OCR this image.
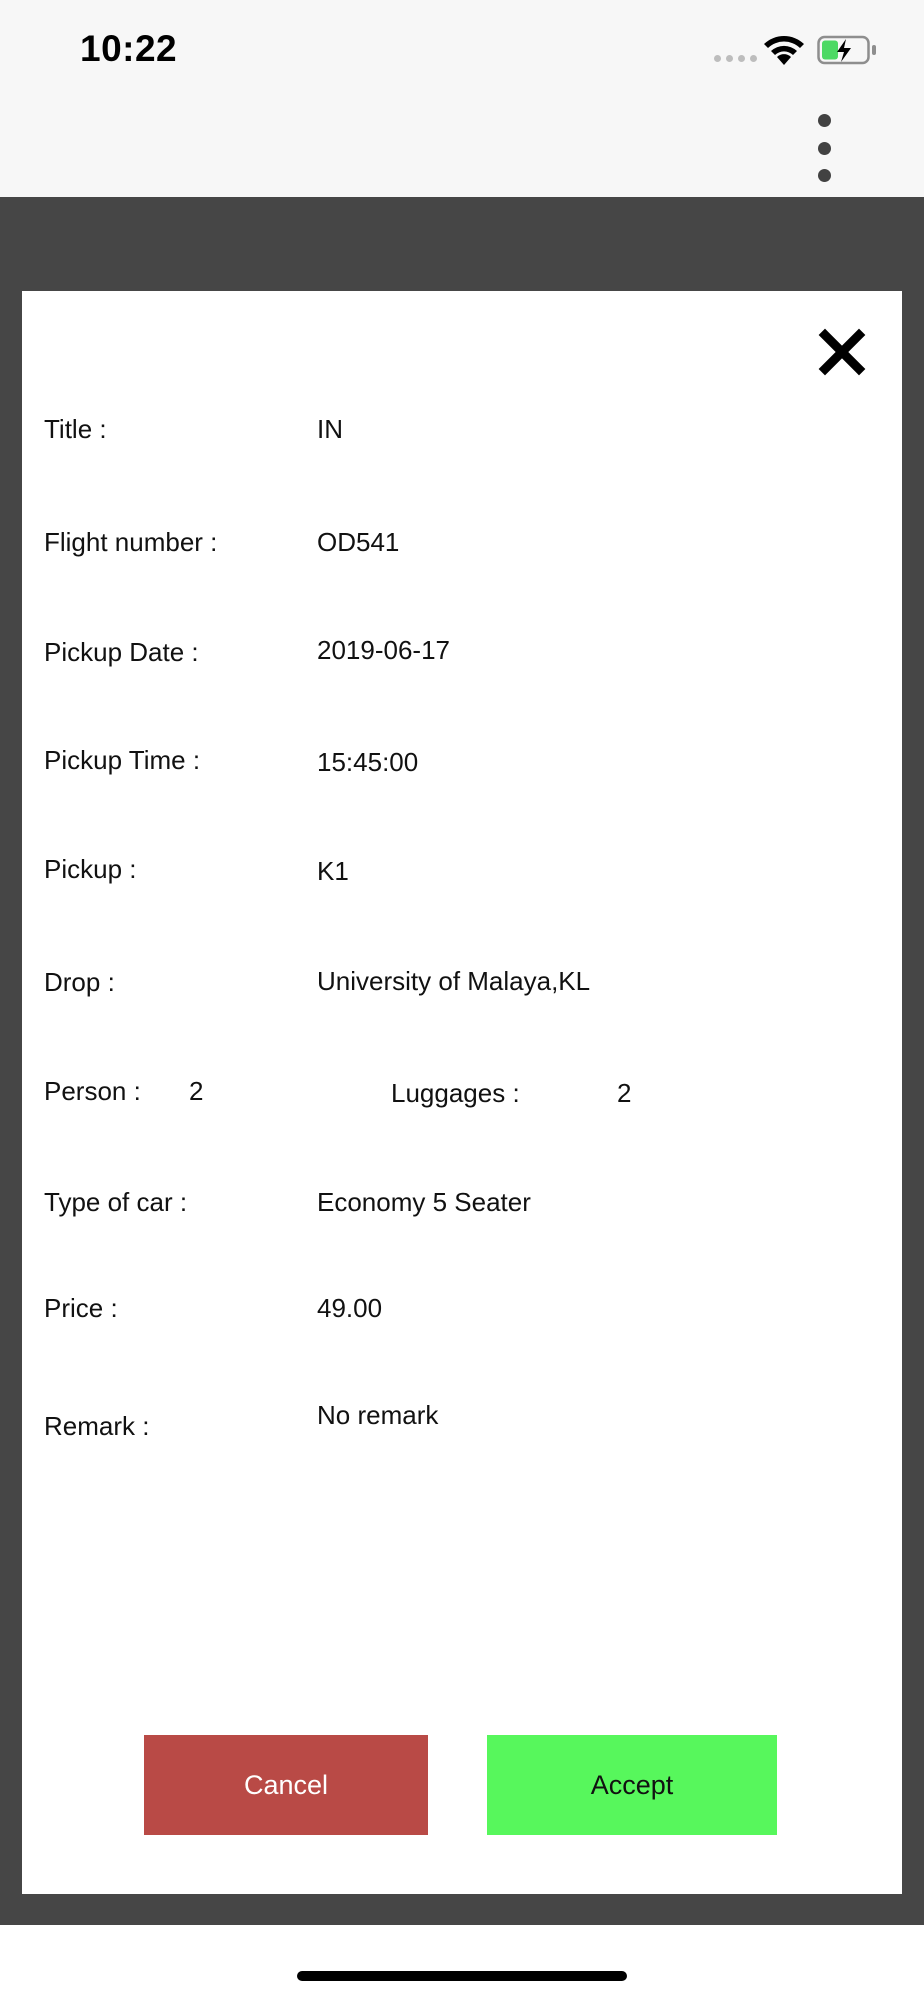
10:22
Title :	IN
Flight number :	OD541
Pickup Date :	2019-06-17
Pickup Time :	15:45:00
Pickup :	K1
Drop :	University of Malaya,KL
Person : 2	Luggages :	2
Type of car :	Economy 5 Seater
Price :	49.00
Remark :	No remark
Cancel	Accept
